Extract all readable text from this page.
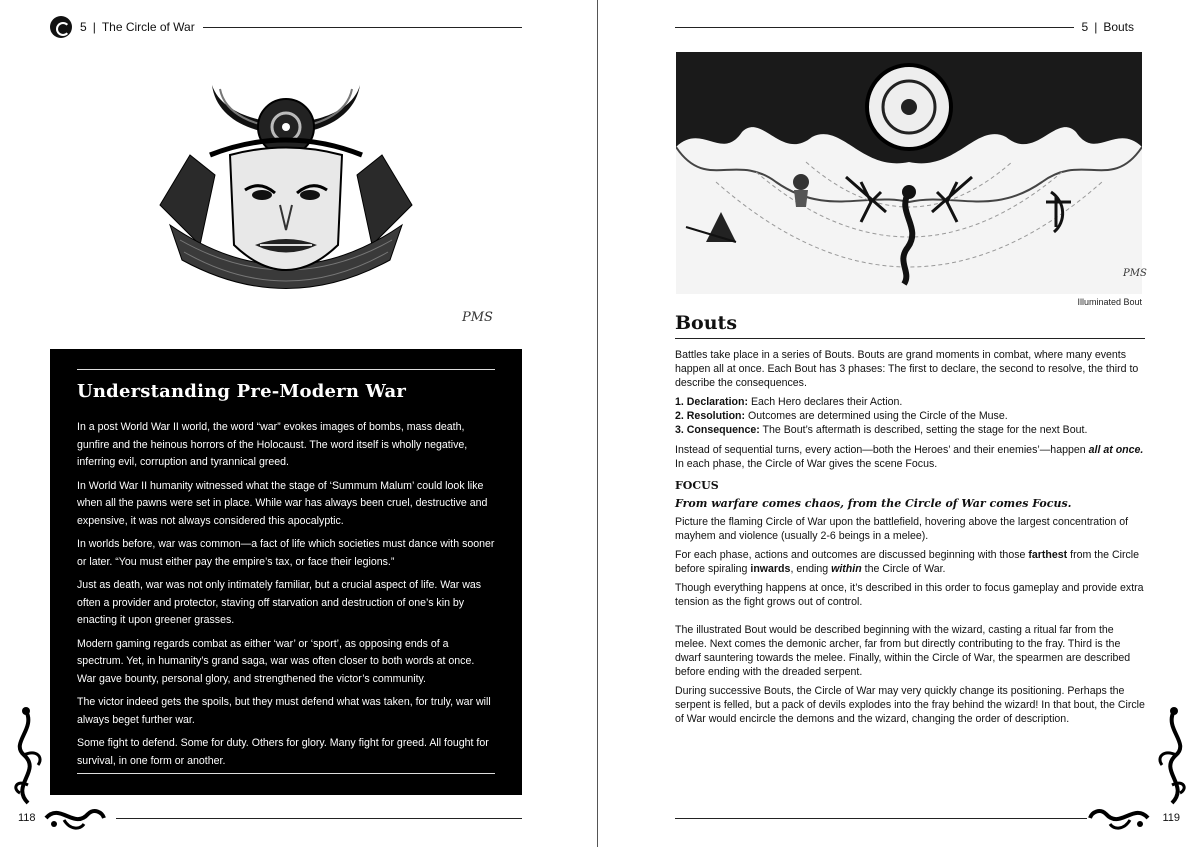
5 | The Circle of War
PMS
Understanding Pre-Modern War

In a post World War II world, the word “war” evokes images of bombs, mass death, gunfire and the heinous horrors of the Holocaust. The word itself is wholly negative, inferring evil, corruption and tyrannical greed.

In World War II humanity witnessed what the stage of ‘Summum Malum’ could look like when all the pawns were set in place. While war has always been cruel, destructive and expensive, it was not always considered this apocalyptic.

In worlds before, war was common—a fact of life which societies must dance with sooner or later. “You must either pay the empire’s tax, or face their legions.”

Just as death, war was not only intimately familiar, but a crucial aspect of life. War was often a provider and protector, staving off starvation and destruction of one’s kin by enacting it upon greener grasses.

Modern gaming regards combat as either ‘war’ or ‘sport’, as opposing ends of a spectrum. Yet, in humanity’s grand saga, war was often closer to both words at once. War gave bounty, personal glory, and strengthened the victor’s community.

The victor indeed gets the spoils, but they must defend what was taken, for truly, war will always beget further war.

Some fight to defend. Some for duty. Others for glory. Many fight for greed. All fought for survival, in one form or another.

118
5 | Bouts
PMS
Illuminated Bout
Bouts

Battles take place in a series of Bouts. Bouts are grand moments in combat, where many events happen all at once. Each Bout has 3 phases: The first to declare, the second to resolve, the third to describe the consequences.

1. Declaration: Each Hero declares their Action.
2. Resolution: Outcomes are determined using the Circle of the Muse.
3. Consequence: The Bout’s aftermath is described, setting the stage for the next Bout.

Instead of sequential turns, every action—both the Heroes’ and their enemies’—happen all at once. In each phase, the Circle of War gives the scene Focus.

FOCUS
From warfare comes chaos, from the Circle of War comes Focus.

Picture the flaming Circle of War upon the battlefield, hovering above the largest concentration of mayhem and violence (usually 2-6 beings in a melee).

For each phase, actions and outcomes are discussed beginning with those farthest from the Circle before spiraling inwards, ending within the Circle of War.

Though everything happens at once, it’s described in this order to focus gameplay and provide extra tension as the fight grows out of control.

The illustrated Bout would be described beginning with the wizard, casting a ritual far from the melee. Next comes the demonic archer, far from but directly contributing to the fray. Third is the dwarf sauntering towards the melee. Finally, within the Circle of War, the spearmen are described before ending with the dreaded serpent.

During successive Bouts, the Circle of War may very quickly change its positioning. Perhaps the serpent is felled, but a pack of devils explodes into the fray behind the wizard! In that bout, the Circle of War would encircle the demons and the wizard, changing the order of description.

119
